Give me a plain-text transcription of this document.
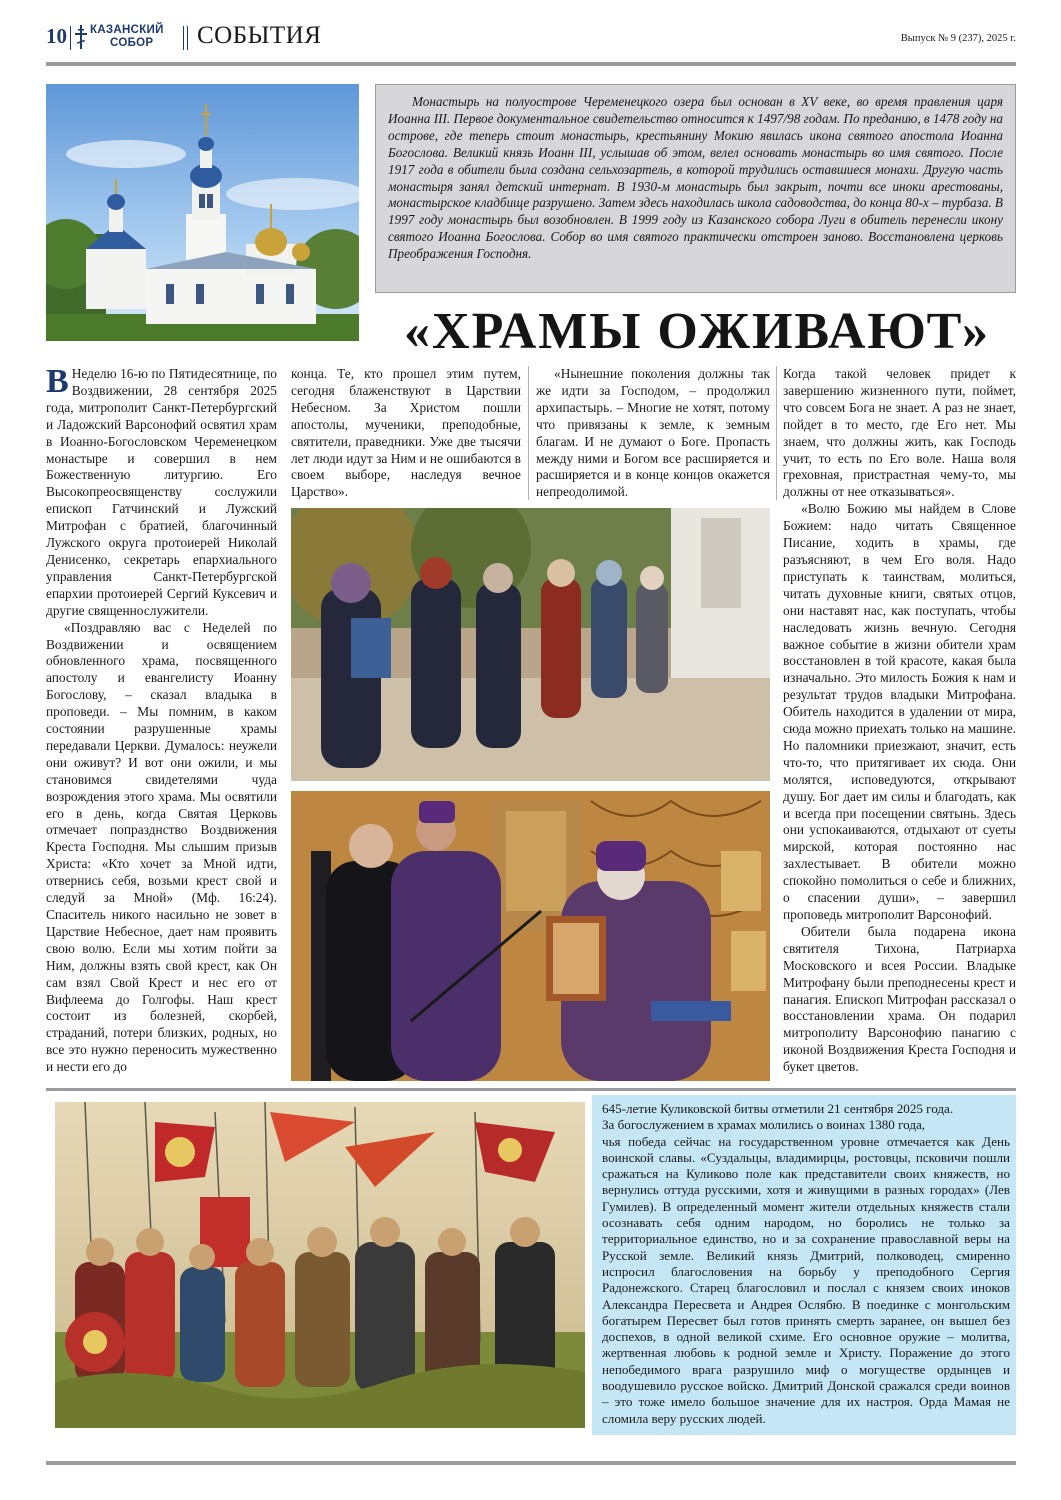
10 КАЗАНСКИЙ
СОБОР СОБЫТИЯ	Выпуск № 9 (237), 2025 г.
Монастырь на полуострове Череменецкого озера был основан в XV веке, во время правления царя Иоанна III. Первое документальное свидетельство относится к 1497/98 годам. По преданию, в 1478 году на острове, где теперь стоит монастырь, крестьянину Мокию явилась икона святого апостола Иоанна Богослова. Великий князь Иоанн III, услышав об этом, велел основать монастырь во имя святого. После 1917 года в обители была создана сельхозартель, в которой трудились оставшиеся монахи. Другую часть монастыря занял детский интернат. В 1930-м монастырь был закрыт, почти все иноки арестованы, монастырское кладбище разрушено. Затем здесь находилась школа садоводства, до конца 80-х – турбаза. В 1997 году монастырь был возобновлен. В 1999 году из Казанского собора Луги в обитель перенесли икону святого Иоанна Богослова. Собор во имя святого практически отстроен заново. Восстановлена церковь Преображения Господня.
«ХРАМЫ ОЖИВАЮТ»

В Неделю 16-ю по Пятидесятнице, по Воздвижении, 28 сентября 2025 года, митрополит Санкт-Петербургский и Ладожский Варсонофий освятил храм в Иоанно-Богословском Череменецком монастыре и совершил в нем Божественную литургию. Его Высокопреосвященству сослужили епископ Гатчинский и Лужский Митрофан с братией, благочинный Лужского округа протоиерей Николай Денисенко, секретарь епархиального управления Санкт-Петербургской епархии протоиерей Сергий Куксевич и другие священнослужители.

«Поздравляю вас с Неделей по Воздвижении и освящением обновленного храма, посвященного апостолу и евангелисту Иоанну Богослову, – сказал владыка в проповеди. – Мы помним, в каком состоянии разрушенные храмы передавали Церкви. Думалось: неужели они оживут? И вот они ожили, и мы становимся свидетелями чуда возрождения этого храма. Мы освятили его в день, когда Святая Церковь отмечает попразднство Воздвижения Креста Господня. Мы слышим призыв Христа: «Кто хочет за Мной идти, отвернись себя, возьми крест свой и следуй за Мной» (Мф. 16:24). Спаситель никого насильно не зовет в Царствие Небесное, дает нам проявить свою волю. Если мы хотим пойти за Ним, должны взять свой крест, как Он сам взял Свой Крест и нес его от Вифлеема до Голгофы. Наш крест состоит из болезней, скорбей, страданий, потери близких, родных, но все это нужно переносить мужественно и нести его до

конца. Те, кто прошел этим путем, сегодня блаженствуют в Царствии Небесном. За Христом пошли апостолы, мученики, преподобные, святители, праведники. Уже две тысячи лет люди идут за Ним и не ошибаются в своем выборе, наследуя вечное Царство».

«Нынешние поколения должны так же идти за Господом, – продолжил архипастырь. – Многие не хотят, потому что привязаны к земле, к земным благам. И не думают о Боге. Пропасть между ними и Богом все расширяется и расширяется и в конце концов окажется непреодолимой.

Когда такой человек придет к завершению жизненного пути, поймет, что совсем Бога не знает. А раз не знает, пойдет в то место, где Его нет. Мы знаем, что должны жить, как Господь учит, то есть по Его воле. Наша воля греховная, пристрастная чему-то, мы должны от нее отказываться».

«Волю Божию мы найдем в Слове Божием: надо читать Священное Писание, ходить в храмы, где разъясняют, в чем Его воля. Надо приступать к таинствам, молиться, читать духовные книги, святых отцов, они наставят нас, как поступать, чтобы наследовать жизнь вечную. Сегодня важное событие в жизни обители храм восстановлен в той красоте, какая была изначально. Это милость Божия к нам и результат трудов владыки Митрофана. Обитель находится в удалении от мира, сюда можно приехать только на машине. Но паломники приезжают, значит, есть что-то, что притягивает их сюда. Они молятся, исповедуются, открывают душу. Бог дает им силы и благодать, как и всегда при посещении святынь. Здесь они успокаиваются, отдыхают от суеты мирской, которая постоянно нас захлестывает. В обители можно спокойно помолиться о себе и ближних, о спасении души», – завершил проповедь митрополит Варсонофий.

Обители была подарена икона святителя Тихона, Патриарха Московского и всея России. Владыке Митрофану были преподнесены крест и панагия. Епископ Митрофан рассказал о восстановлении храма. Он подарил митрополиту Варсонофию панагию с иконой Воздвижения Креста Господня и букет цветов.

645-летие Куликовской битвы отметили 21 сентября 2025 года.

За богослужением в храмах молились о воинах 1380 года,

чья победа сейчас на государственном уровне отмечается как День воинской славы. «Суздальцы, владимирцы, ростовцы, псковичи пошли сражаться на Куликово поле как представители своих княжеств, но вернулись оттуда русскими, хотя и живущими в разных городах» (Лев Гумилев). В определенный момент жители отдельных княжеств стали осознавать себя одним народом, но боролись не только за территориальное единство, но и за сохранение православной веры на Русской земле. Великий князь Дмитрий, полководец, смиренно испросил благословения на борьбу у преподобного Сергия Радонежского. Старец благословил и послал с князем своих иноков Александра Пересвета и Андрея Ослябю. В поединке с монгольским богатырем Пересвет был готов принять смерть заранее, он вышел без доспехов, в одной великой схиме. Его основное оружие – молитва, жертвенная любовь к родной земле и Христу. Поражение до этого непобедимого врага разрушило миф о могуществе ордынцев и воодушевило русское войско. Дмитрий Донской сражался среди воинов – это тоже имело большое значение для их настроя. Орда Мамая не сломила веру русских людей.
